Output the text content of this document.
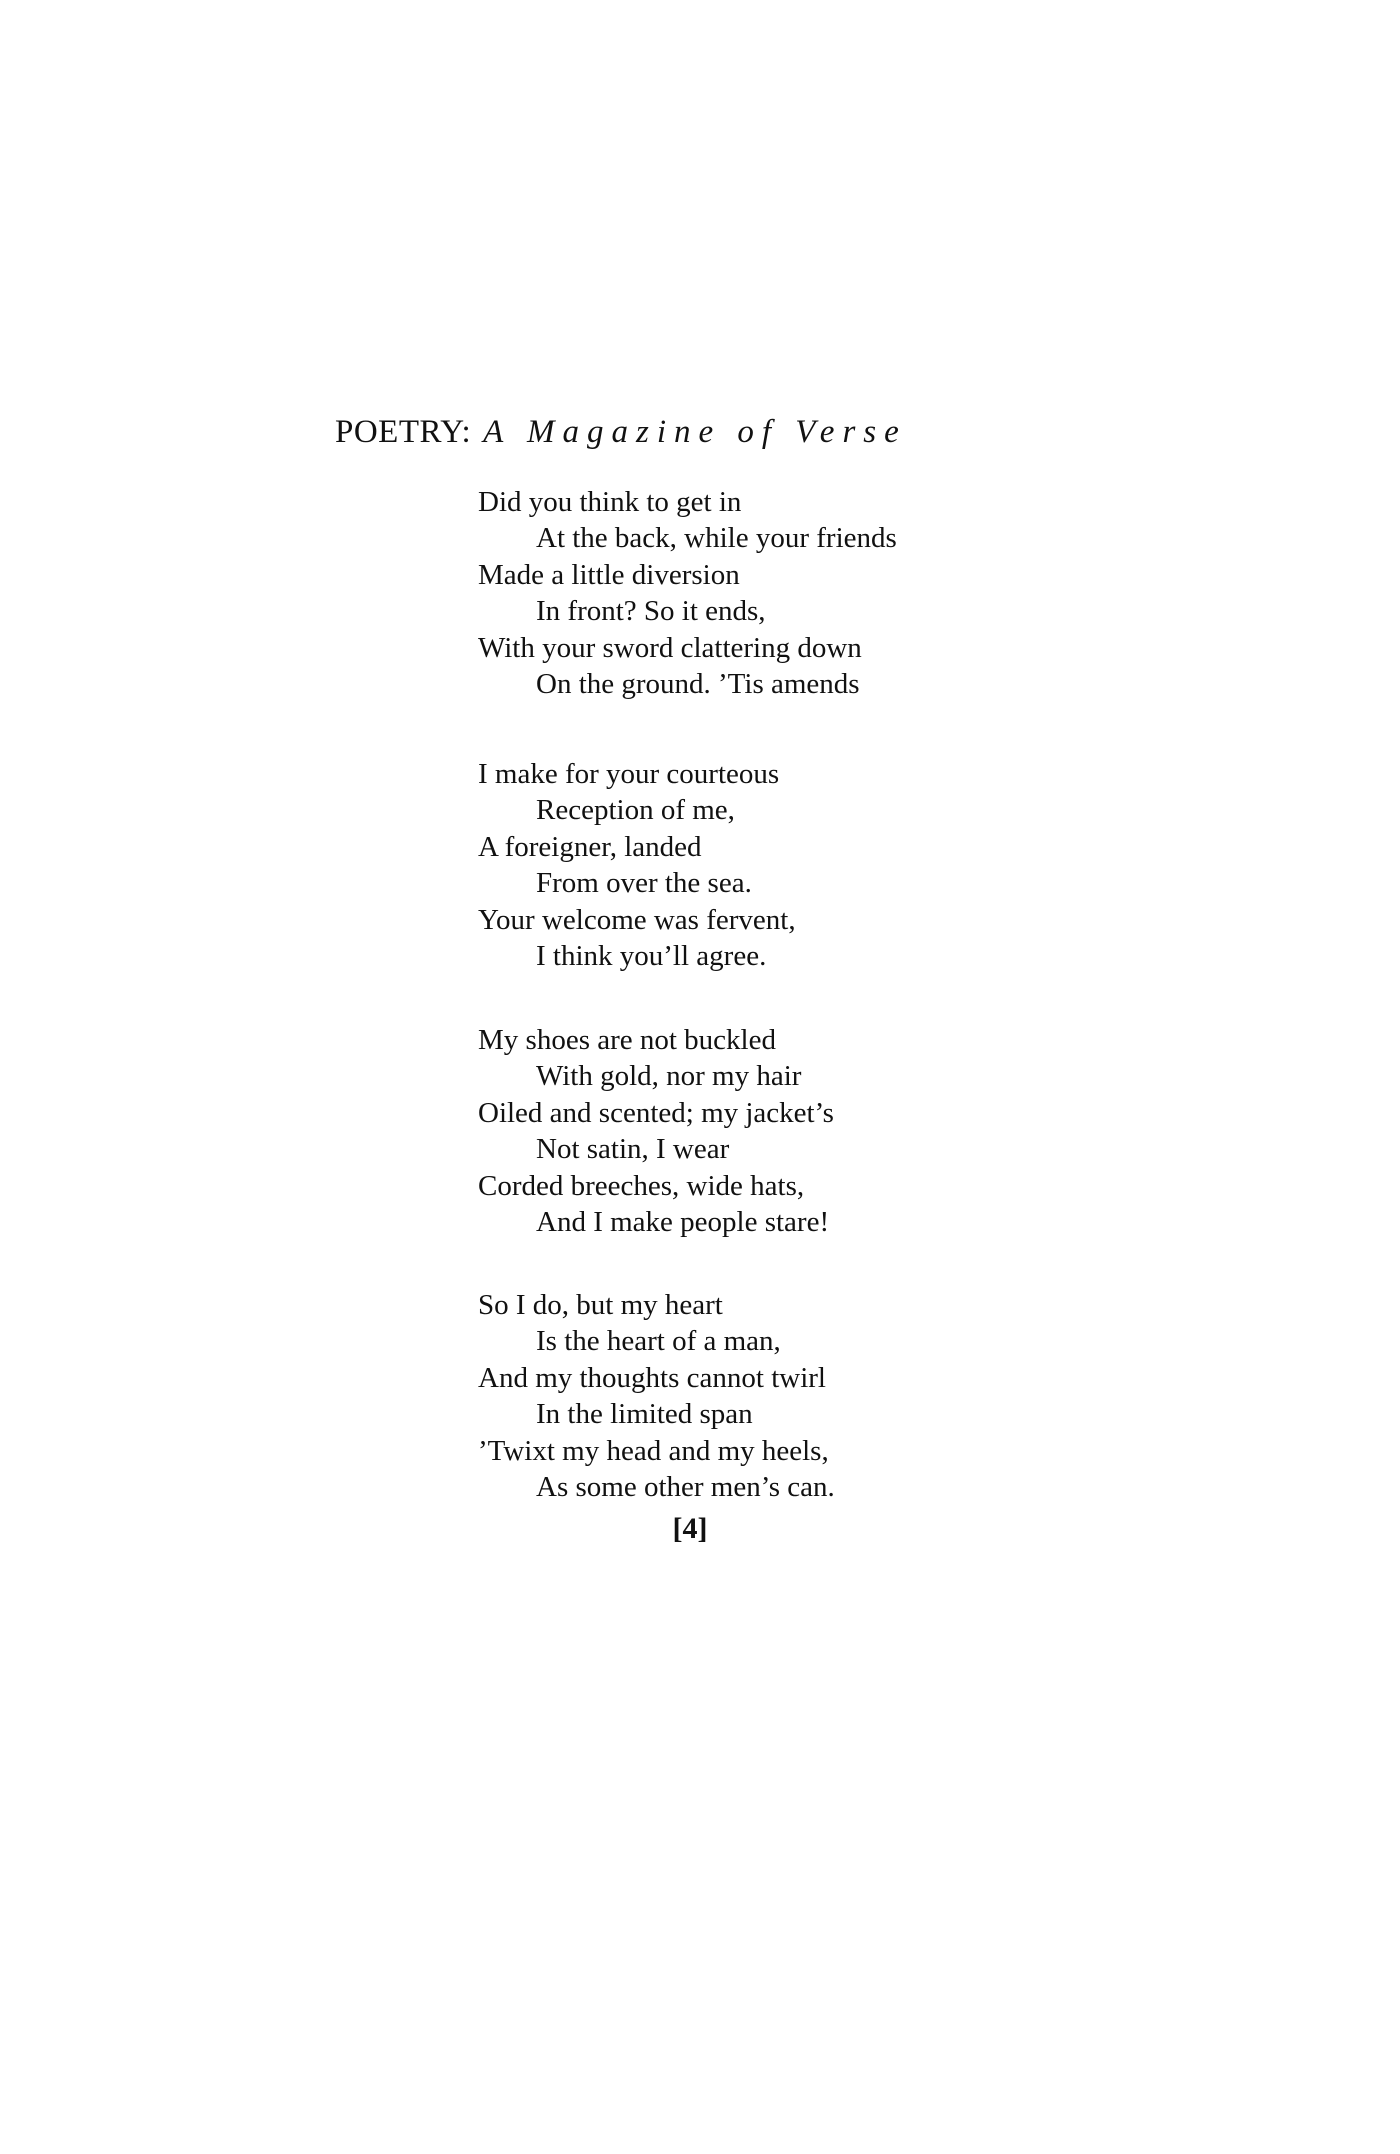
POETRY: A Magazine of Verse
Did you think to get in
At the back, while your friends
Made a little diversion
In front? So it ends,
With your sword clattering down
On the ground. ’Tis amends
I make for your courteous
Reception of me,
A foreigner, landed
From over the sea.
Your welcome was fervent,
I think you’ll agree.
My shoes are not buckled
With gold, nor my hair
Oiled and scented; my jacket’s
Not satin, I wear
Corded breeches, wide hats,
And I make people stare!
So I do, but my heart
Is the heart of a man,
And my thoughts cannot twirl
In the limited span
’Twixt my head and my heels,
As some other men’s can.
[4]
